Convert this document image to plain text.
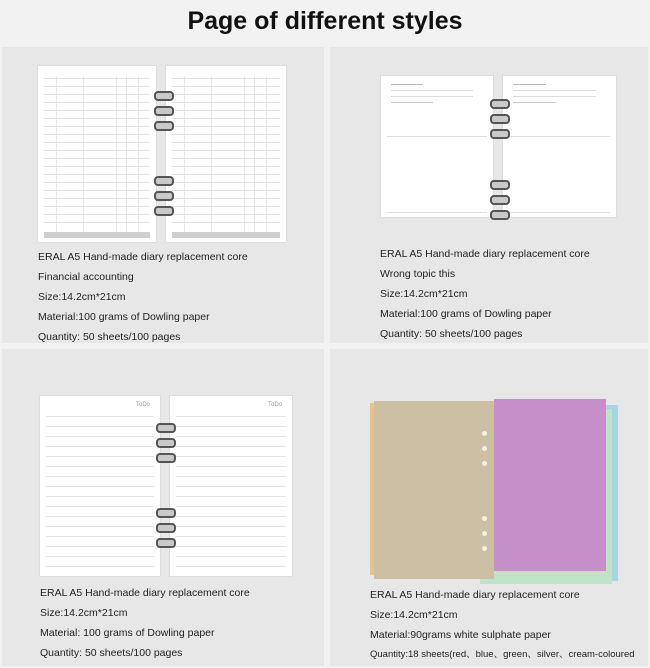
Page of different styles
ERAL A5 Hand-made diary replacement core
Financial accounting
Size:14.2cm*21cm
Material:100 grams of Dowling paper
Quantity: 50 sheets/100 pages
ERAL A5 Hand-made diary replacement core
Wrong topic this
Size:14.2cm*21cm
Material:100 grams of Dowling paper
Quantity: 50 sheets/100 pages
ToDo	ToDo
ERAL A5 Hand-made diary replacement core
Size:14.2cm*21cm
Material: 100 grams of Dowling paper
Quantity: 50 sheets/100 pages
ERAL A5 Hand-made diary replacement core
Size:14.2cm*21cm
Material:90grams white sulphate paper
Quantity:18 sheets(red、blue、green、silver、cream-coloured
